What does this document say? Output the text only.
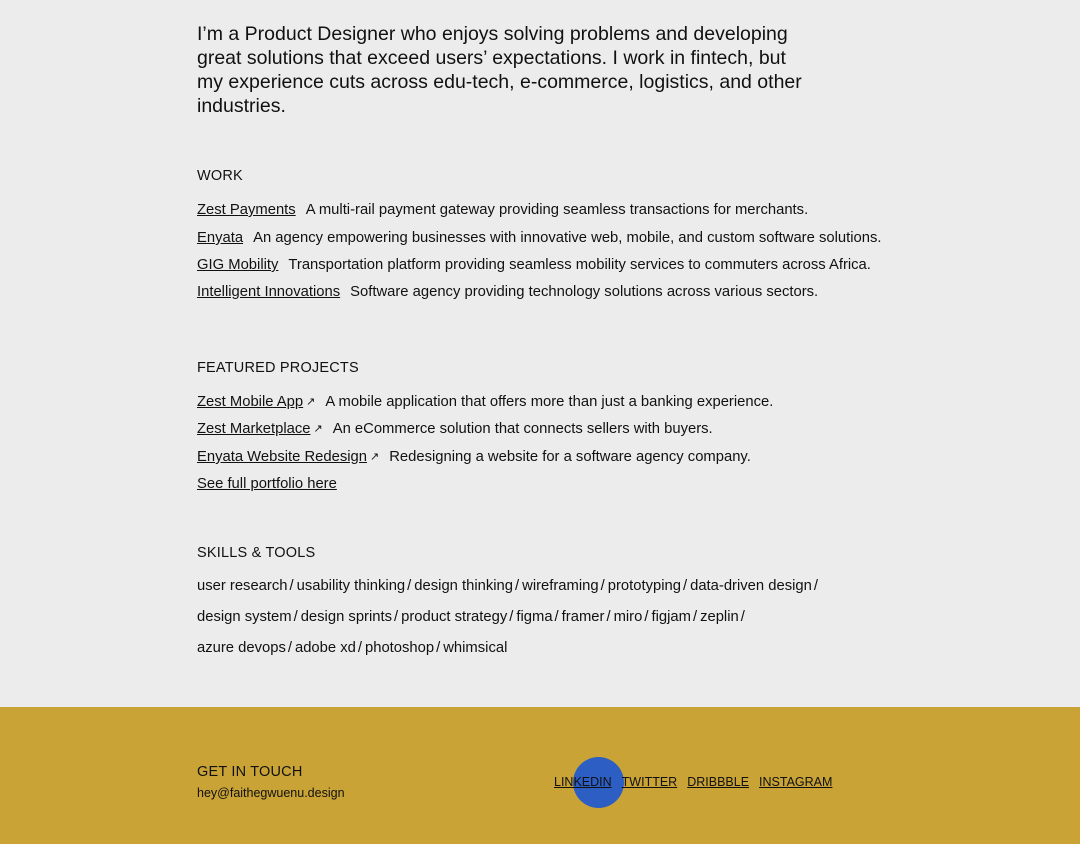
I’m a Product Designer who enjoys solving problems and developing great solutions that exceed users’ expectations. I work in fintech, but my experience cuts across edu-tech, e-commerce, logistics, and other industries.

WORK
Zest Payments A multi-rail payment gateway providing seamless transactions for merchants.
Enyata An agency empowering businesses with innovative web, mobile, and custom software solutions.
GIG Mobility Transportation platform providing seamless mobility services to commuters across Africa.
Intelligent Innovations Software agency providing technology solutions across various sectors.
FEATURED PROJECTS
Zest Mobile App ↗ A mobile application that offers more than just a banking experience.
Zest Marketplace ↗ An eCommerce solution that connects sellers with buyers.
Enyata Website Redesign ↗ Redesigning a website for a software agency company.
See full portfolio here
SKILLS & TOOLS
user research / usability thinking / design thinking / wireframing / prototyping / data-driven design /
design system / design sprints / product strategy / figma / framer / miro / figjam / zeplin /
azure devops / adobe xd / photoshop / whimsical
GET IN TOUCH
hey@faithegwuenu.design
LINKEDIN TWITTER DRIBBBLE INSTAGRAM
